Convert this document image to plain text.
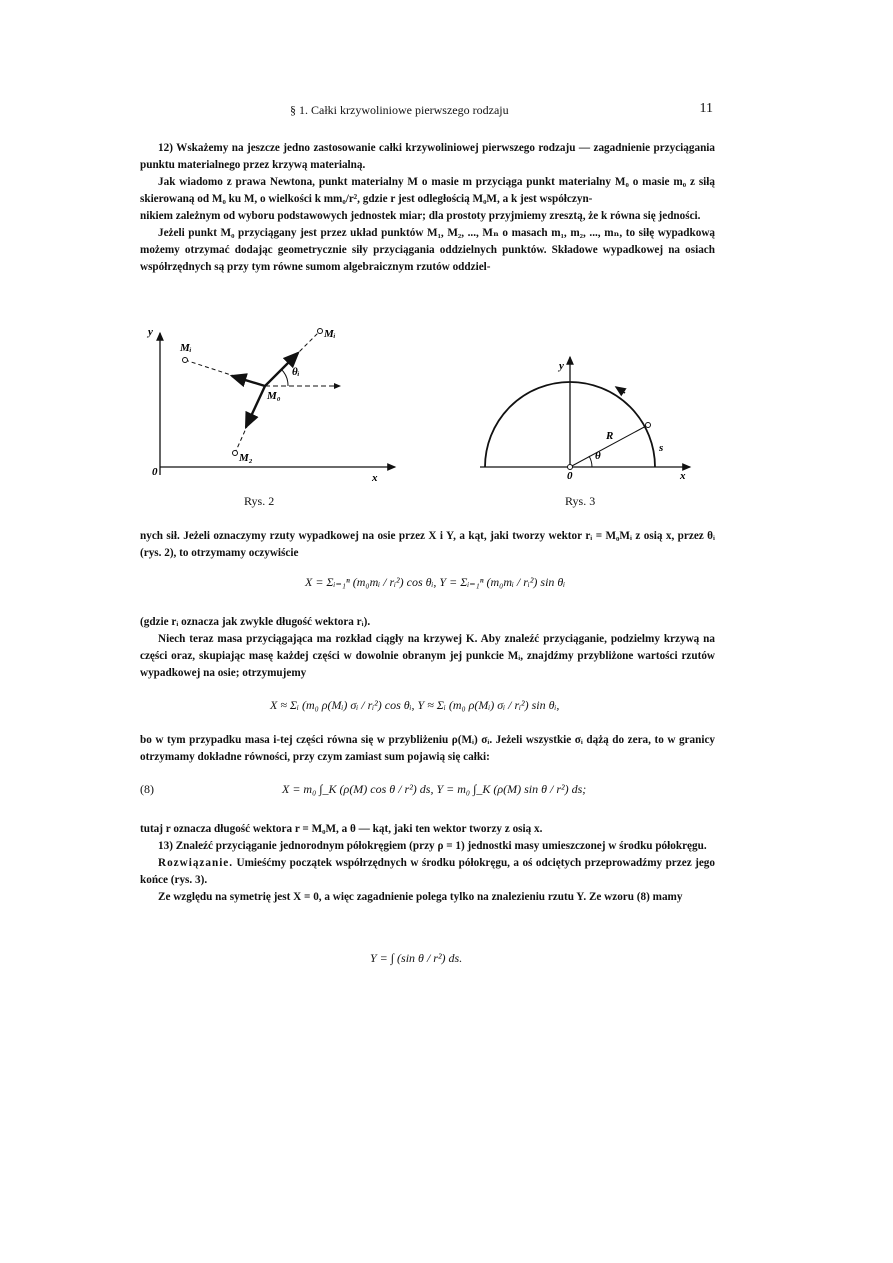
§ 1. Całki krzywoliniowe pierwszego rodzaju	11

12) Wskażemy na jeszcze jedno zastosowanie całki krzywoliniowej pierwszego rodzaju — zagadnienie przyciągania punktu materialnego przez krzywą materialną.

Jak wiadomo z prawa Newtona, punkt materialny M o masie m przyciąga punkt materialny M₀ o masie m₀ z siłą skierowaną od M₀ ku M, o wielkości k mm₀/r², gdzie r jest odległością M₀M, a k jest współczyn-

nikiem zależnym od wyboru podstawowych jednostek miar; dla prostoty przyjmiemy zresztą, że k równa się jedności.

Jeżeli punkt M₀ przyciągany jest przez układ punktów M₁, M₂, ..., Mₙ o masach m₁, m₂, ..., mₙ, to siłę wypadkową możemy otrzymać dodając geometrycznie siły przyciągania oddzielnych punktów. Składowe wypadkowej na osiach współrzędnych są przy tym równe sumom algebraicznym rzutów oddziel-

y
0	x
Mᵢ
Mᵢ
M₀
M₂
θᵢ
Rys. 2
y
0	x
R
θ
s
Rys. 3

nych sił. Jeżeli oznaczymy rzuty wypadkowej na osie przez X i Y, a kąt, jaki tworzy wektor rᵢ = M₀Mᵢ z osią x, przez θᵢ (rys. 2), to otrzymamy oczywiście

X = Σᵢ₌₁ⁿ (m₀mᵢ / rᵢ²) cos θᵢ, Y = Σᵢ₌₁ⁿ (m₀mᵢ / rᵢ²) sin θᵢ

(gdzie rᵢ oznacza jak zwykle długość wektora rᵢ).

Niech teraz masa przyciągająca ma rozkład ciągły na krzywej K. Aby znaleźć przyciąganie, podzielmy krzywą na części oraz, skupiając masę każdej części w dowolnie obranym jej punkcie Mᵢ, znajdźmy przybliżone wartości rzutów wypadkowej na osie; otrzymujemy

X ≈ Σᵢ (m₀ ρ(Mᵢ) σᵢ / rᵢ²) cos θᵢ, Y ≈ Σᵢ (m₀ ρ(Mᵢ) σᵢ / rᵢ²) sin θᵢ,

bo w tym przypadku masa i-tej części równa się w przybliżeniu ρ(Mᵢ) σᵢ. Jeżeli wszystkie σᵢ dążą do zera, to w granicy otrzymamy dokładne równości, przy czym zamiast sum pojawią się całki:

(8)	X = m₀ ∫_K (ρ(M) cos θ / r²) ds, Y = m₀ ∫_K (ρ(M) sin θ / r²) ds;

tutaj r oznacza długość wektora r = M₀M, a θ — kąt, jaki ten wektor tworzy z osią x.

13) Znaleźć przyciąganie jednorodnym półokręgiem (przy ρ = 1) jednostki masy umieszczonej w środku półokręgu.

Rozwiązanie. Umieśćmy początek współrzędnych w środku półokręgu, a oś odciętych przeprowadźmy przez jego końce (rys. 3).

Ze względu na symetrię jest X = 0, a więc zagadnienie polega tylko na znalezieniu rzutu Y. Ze wzoru (8) mamy

Y = ∫ (sin θ / r²) ds.
